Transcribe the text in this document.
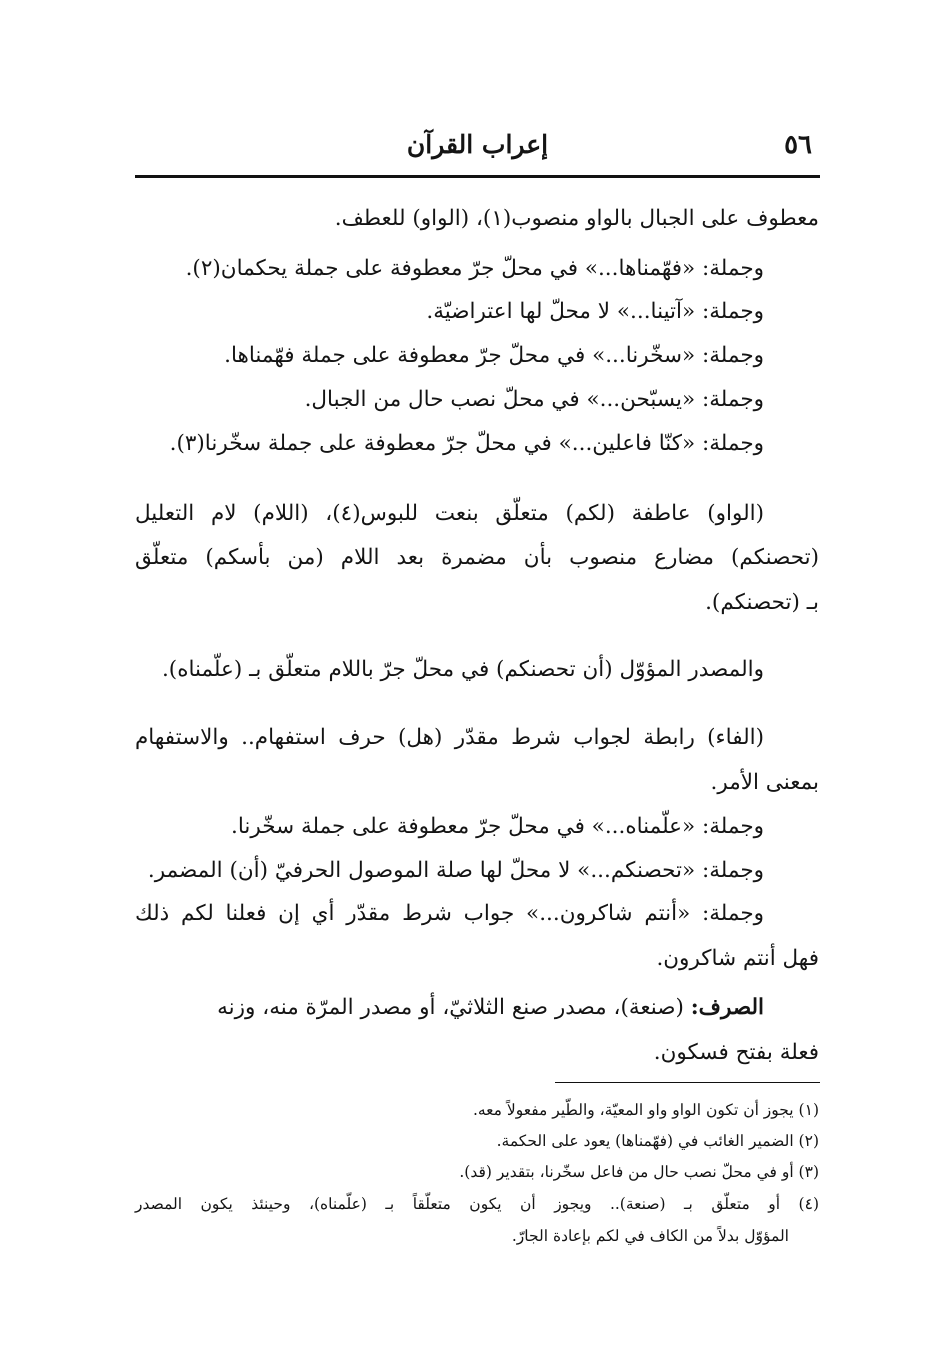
٥٦
إعراب القرآن
معطوف على الجبال بالواو منصوب(١)، (الواو) للعطف.
وجملة: «فهّمناها...» في محلّ جرّ معطوفة على جملة يحكمان(٢).
وجملة: «آتينا...» لا محلّ لها اعتراضيّة.
وجملة: «سخّرنا...» في محلّ جرّ معطوفة على جملة فهّمناها.
وجملة: «يسبّحن...» في محلّ نصب حال من الجبال.
وجملة: «كنّا فاعلين...» في محلّ جرّ معطوفة على جملة سخّرنا(٣).
(الواو) عاطفة (لكم) متعلّق بنعت للبوس(٤)، (اللام) لام التعليل
(تحصنكم) مضارع منصوب بأن مضمرة بعد اللام (من بأسكم) متعلّق
بـ (تحصنكم).
والمصدر المؤوّل (أن تحصنكم) في محلّ جرّ باللام متعلّق بـ (علّمناه).
(الفاء) رابطة لجواب شرط مقدّر (هل) حرف استفهام.. والاستفهام
بمعنى الأمر.
وجملة: «علّمناه...» في محلّ جرّ معطوفة على جملة سخّرنا.
وجملة: «تحصنكم...» لا محلّ لها صلة الموصول الحرفيّ (أن) المضمر.
وجملة: «أنتم شاكرون...» جواب شرط مقدّر أي إن فعلنا لكم ذلك
فهل أنتم شاكرون.
الصرف: (صنعة)، مصدر صنع الثلاثيّ، أو مصدر المرّة منه، وزنه
فعلة بفتح فسكون.
(١) يجوز أن تكون الواو واو المعيّة، والطّير مفعولاً معه.
(٢) الضمير الغائب في (فهّمناها) يعود على الحكمة.
(٣) أو في محلّ نصب حال من فاعل سخّرنا، بتقدير (قد).
(٤) أو متعلّق بـ (صنعة).. ويجوز أن يكون متعلّقاً بـ (علّمناه)، وحينئذ يكون المصدر
المؤوّل بدلاً من الكاف في لكم بإعادة الجارّ.
